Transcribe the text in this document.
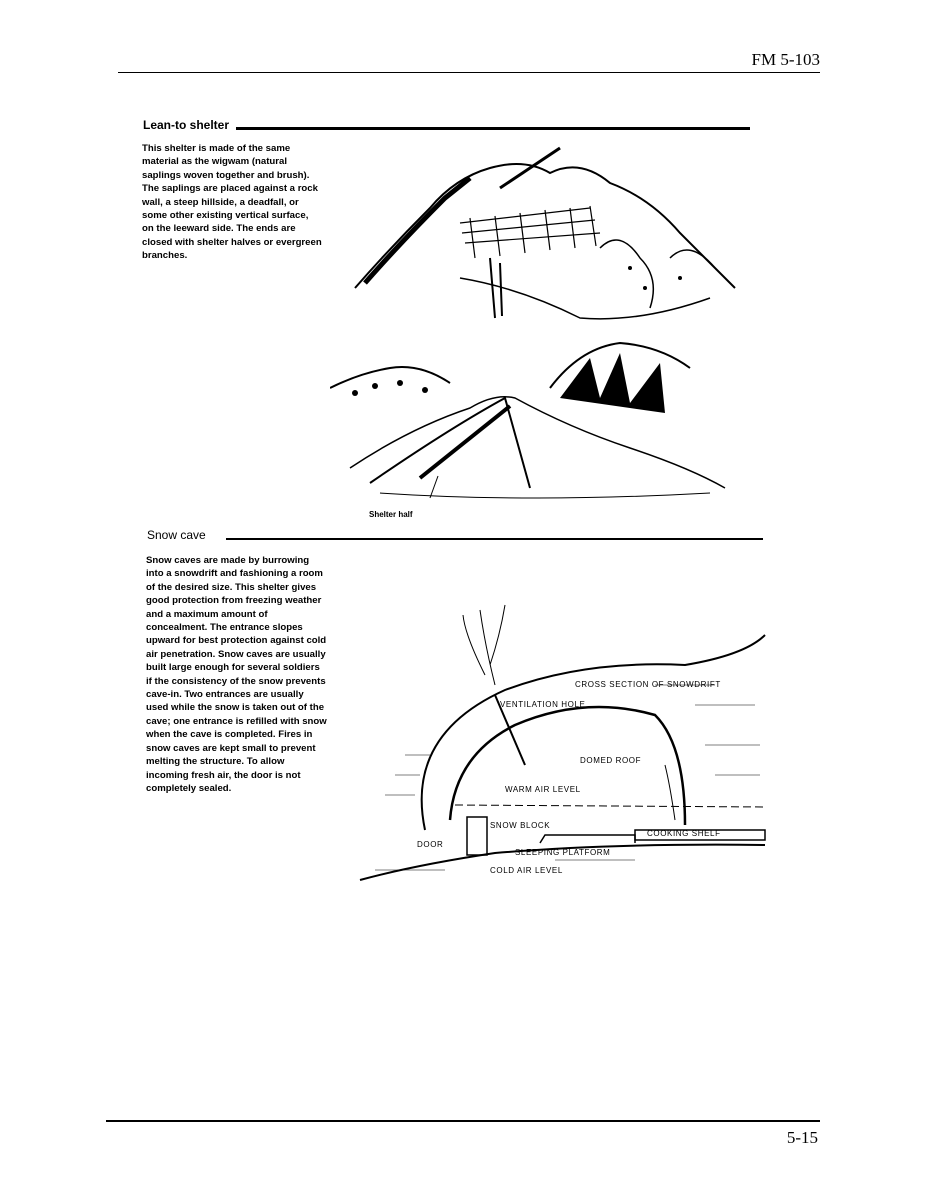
FM 5-103
Lean-to shelter
This shelter is made of the same material as the wigwam (natural saplings woven together and brush). The saplings are placed against a rock wall, a steep hillside, a deadfall, or some other existing vertical surface, on the leeward side. The ends are closed with shelter halves or evergreen branches.
Shelter half
Snow cave
Snow caves are made by burrowing into a snowdrift and fashioning a room of the desired size. This shelter gives good protection from freezing weather and a maximum amount of concealment. The entrance slopes upward for best protection against cold air penetration. Snow caves are usually built large enough for several soldiers if the consistency of the snow prevents cave-in. Two entrances are usually used while the snow is taken out of the cave; one entrance is refilled with snow when the cave is completed. Fires in snow caves are kept small to prevent melting the structure. To allow incoming fresh air, the door is not completely sealed.
CROSS SECTION OF SNOWDRIFT
VENTILATION HOLE
DOMED ROOF
WARM AIR LEVEL
SNOW BLOCK
DOOR
COOKING SHELF
SLEEPING PLATFORM
COLD AIR LEVEL
5-15
